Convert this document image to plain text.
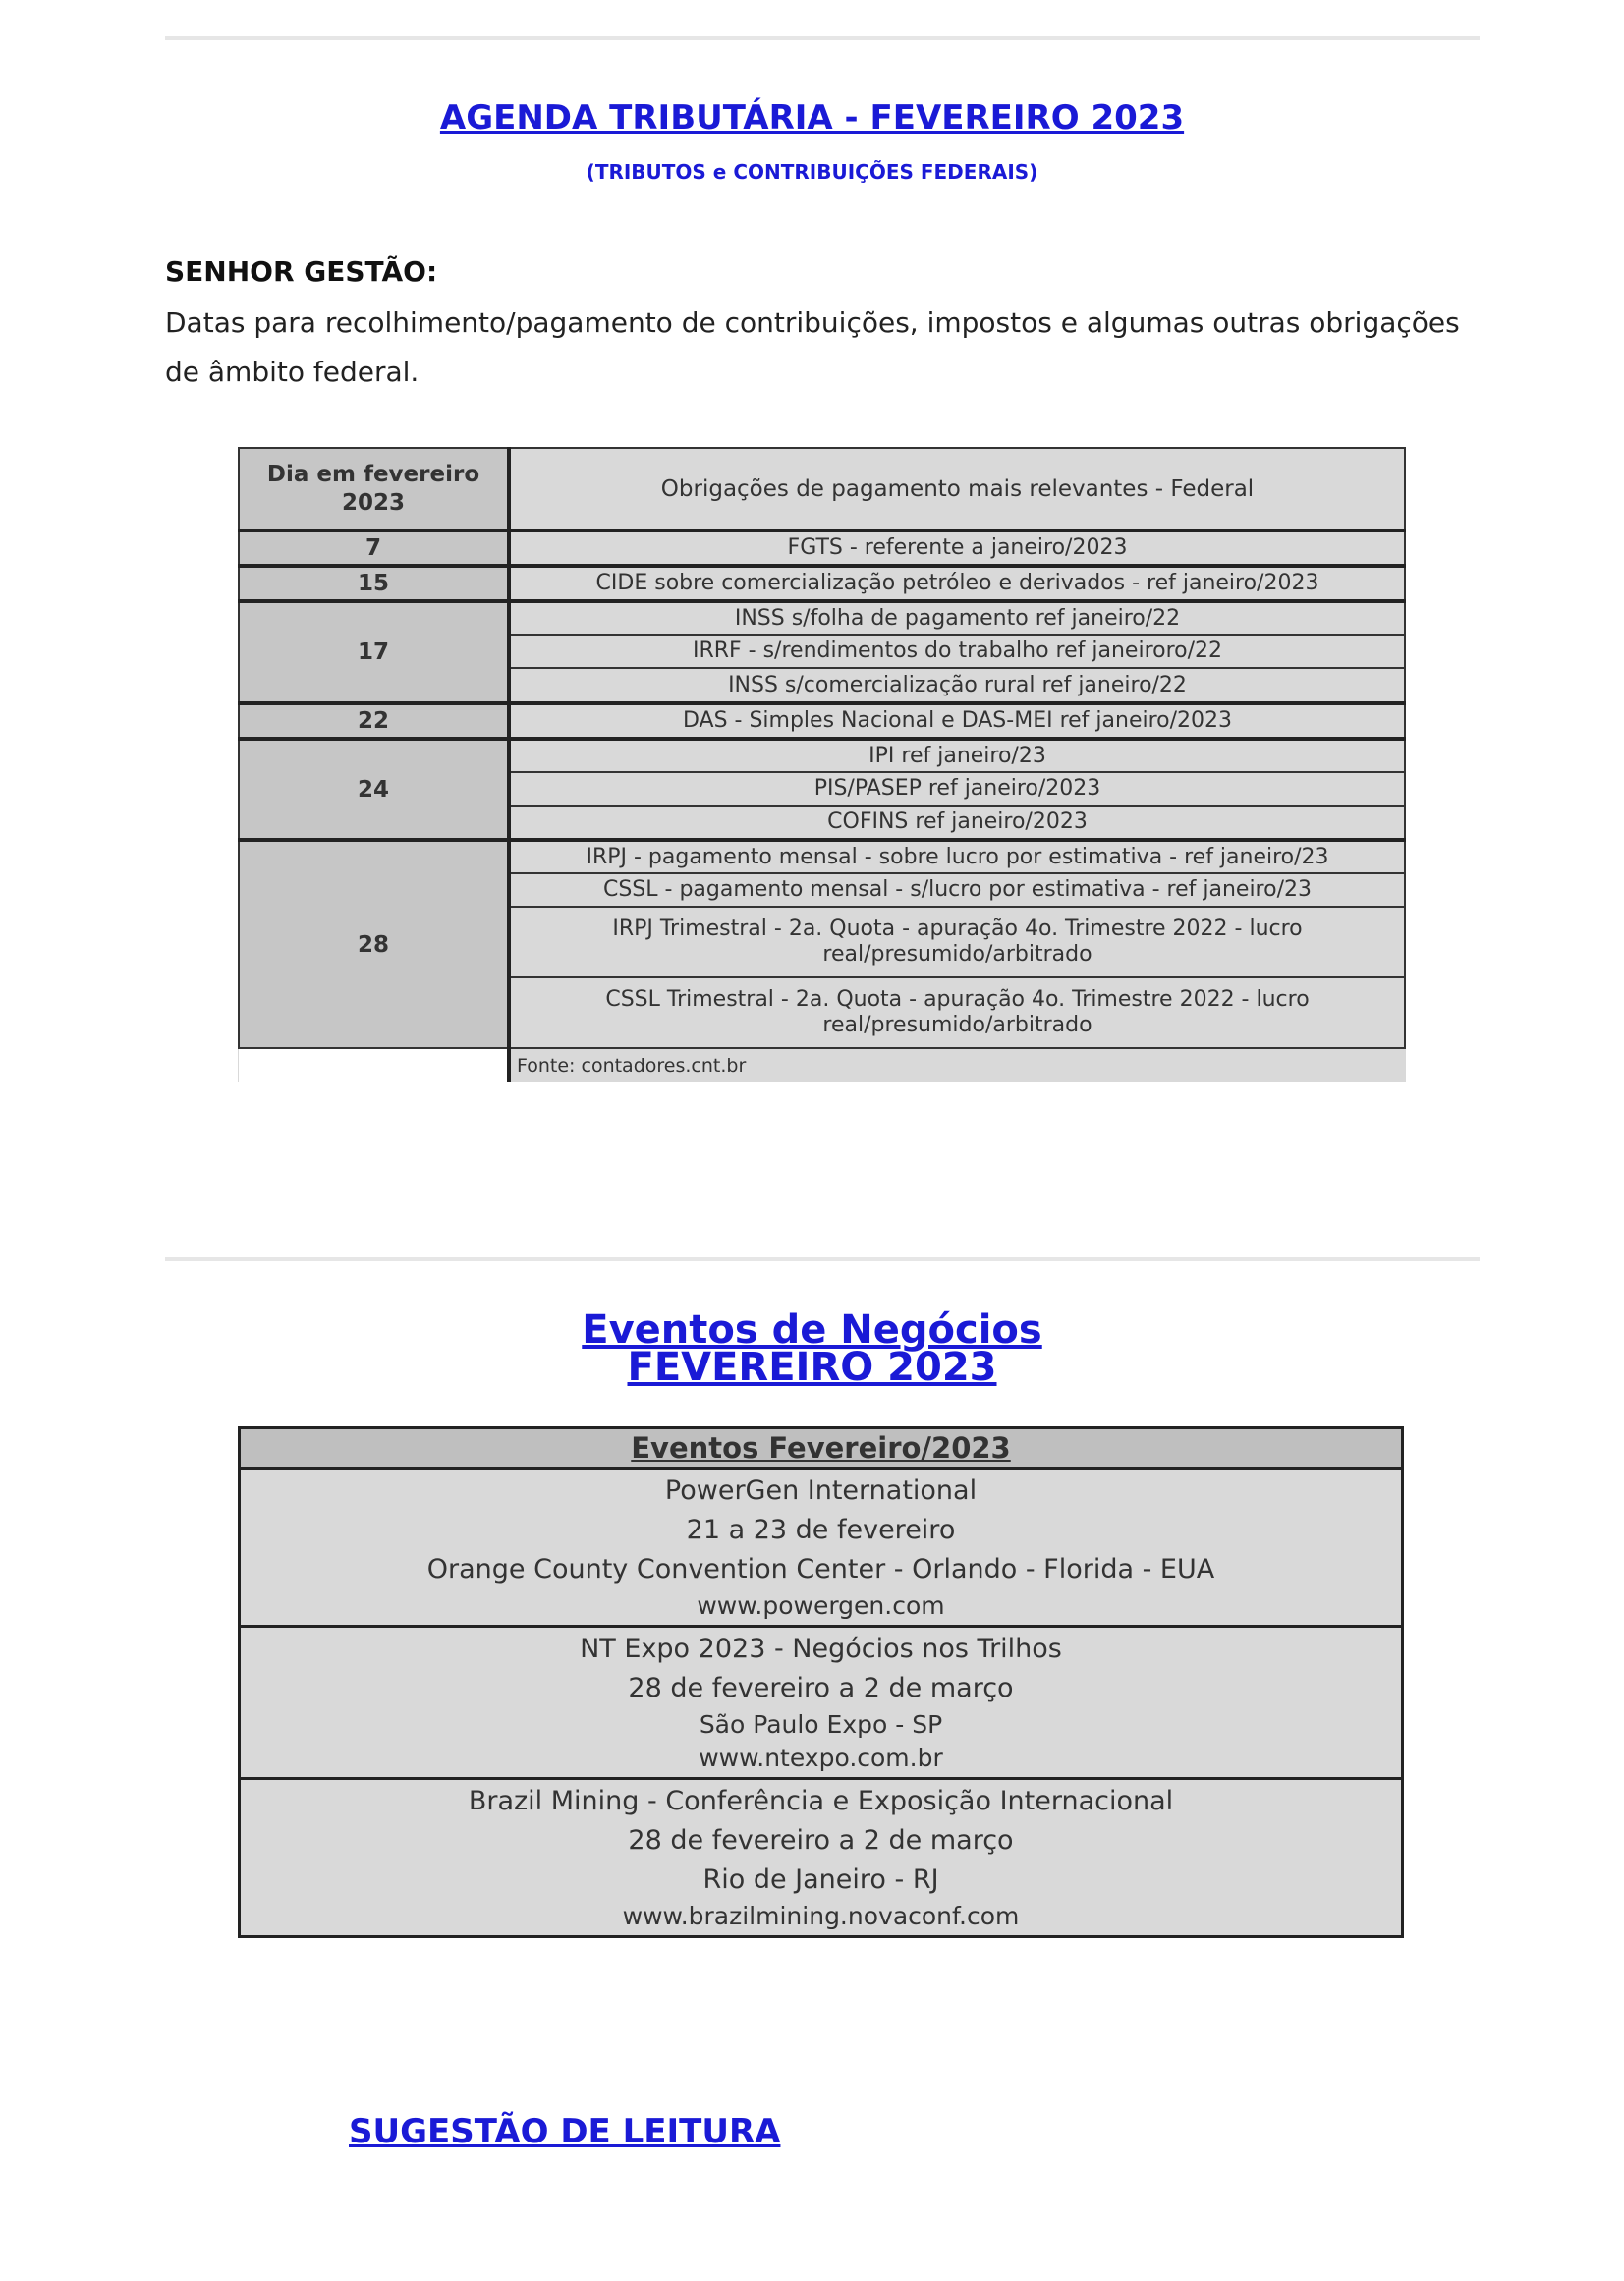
AGENDA TRIBUTÁRIA - FEVEREIRO 2023
(TRIBUTOS e CONTRIBUIÇÕES FEDERAIS)
SENHOR GESTÃO:
Datas para recolhimento/pagamento de contribuições, impostos e algumas outras obrigações de âmbito federal.
Dia em fevereiro 2023	Obrigações de pagamento mais relevantes - Federal
7	FGTS - referente a janeiro/2023
15	CIDE sobre comercialização petróleo e derivados - ref janeiro/2023
17	INSS s/folha de pagamento ref janeiro/22
	IRRF - s/rendimentos do trabalho ref janeiroro/22
	INSS s/comercialização rural ref janeiro/22
22	DAS - Simples Nacional e DAS-MEI ref janeiro/2023
24	IPI ref janeiro/23
	PIS/PASEP ref janeiro/2023
	COFINS ref janeiro/2023
28	IRPJ - pagamento mensal - sobre lucro por estimativa - ref janeiro/23
	CSSL - pagamento mensal - s/lucro por estimativa - ref janeiro/23
	IRPJ Trimestral - 2a. Quota - apuração 4o. Trimestre 2022 - lucro real/presumido/arbitrado
	CSSL Trimestral - 2a. Quota - apuração 4o. Trimestre 2022 - lucro real/presumido/arbitrado
	Fonte: contadores.cnt.br
Eventos de Negócios
FEVEREIRO 2023
Eventos Fevereiro/2023

PowerGen International
21 a 23 de fevereiro
Orange County Convention Center - Orlando - Florida - EUA
www.powergen.com

NT Expo 2023 - Negócios nos Trilhos
28 de fevereiro a 2 de março
São Paulo Expo - SP
www.ntexpo.com.br

Brazil Mining - Conferência e Exposição Internacional
28 de fevereiro a 2 de março
Rio de Janeiro - RJ
www.brazilmining.novaconf.com
SUGESTÃO DE LEITURA
